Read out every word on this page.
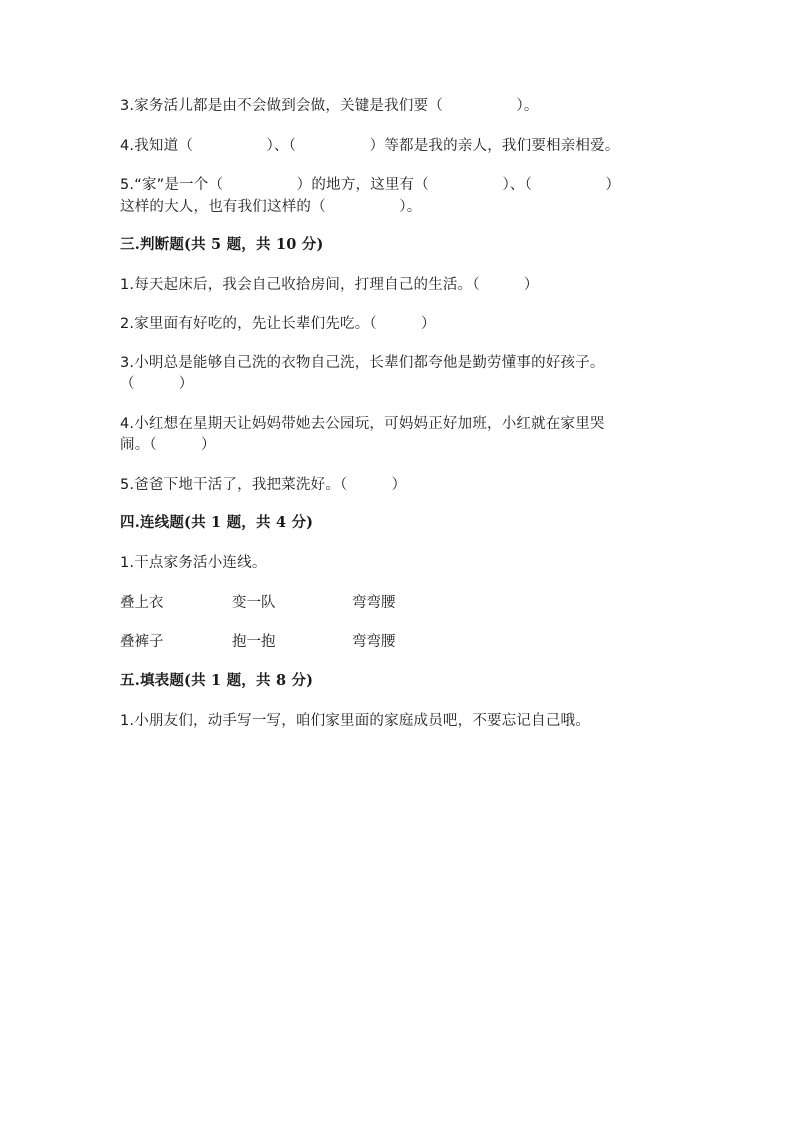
3.家务活儿都是由不会做到会做，关键是我们要（　　　　　）。
4.我知道（　　　　　）、（　　　　　）等都是我的亲人，我们要相亲相爱。
5.“家”是一个（　　　　　）的地方，这里有（　　　　　）、（　　　　　）
这样的大人，也有我们这样的（　　　　　）。
三.判断题(共 5 题，共 10 分)
1.每天起床后，我会自己收拾房间，打理自己的生活。（　　　）
2.家里面有好吃的，先让长辈们先吃。（　　　）
3.小明总是能够自己洗的衣物自己洗，长辈们都夸他是勤劳懂事的好孩子。
（　　　）
4.小红想在星期天让妈妈带她去公园玩，可妈妈正好加班，小红就在家里哭
闹。（　　　）
5.爸爸下地干活了，我把菜洗好。（　　　）
四.连线题(共 1 题，共 4 分)
1.干点家务活小连线。
叠上衣	变一队	弯弯腰
叠裤子	抱一抱	弯弯腰
五.填表题(共 1 题，共 8 分)
1.小朋友们，动手写一写，咱们家里面的家庭成员吧，不要忘记自己哦。
